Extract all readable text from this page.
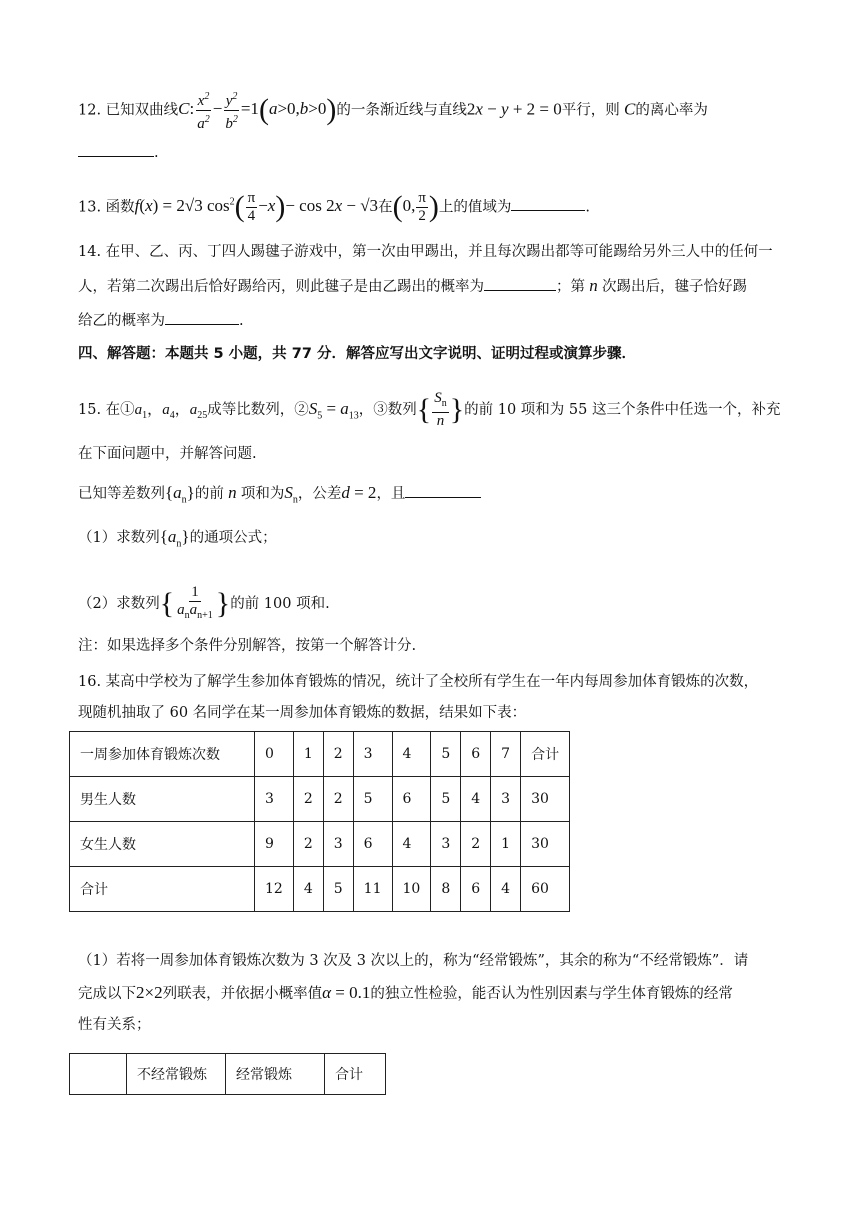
12. 已知双曲线C: $\frac{x^2}{a^2} - \frac{y^2}{b^2} =1(a>0,b>0)$的一条渐近线与直线2x − y + 2 = 0平行，则 C的离心率为
.
13. 函数f(x) = 2√3 $\cos^2( \frac{\pi}{4} -x)- \cos 2x - √3$在(0, $\frac{\pi}{2}$ )上的值域为	.
14. 在甲、乙、丙、丁四人踢毽子游戏中，第一次由甲踢出，并且每次踢出都等可能踢给另外三人中的任何一
人，若第二次踢出后恰好踢给丙，则此毽子是由乙踢出的概率为	；第 n 次踢出后，毽子恰好踢
给乙的概率为	.
四、解答题：本题共 5 小题，共 77 分．解答应写出文字说明、证明过程或演算步骤．
15. 在$①a_1$，$a_4$，$a_{25}$成等比数列，$②S_5 = a_{13}$，③数列{ $\frac{S_n}{n}$ }的前 10 项和为 55 这三个条件中任选一个，补充
在下面问题中，并解答问题.
已知等差数列$\{a_n\}$的前 n 项和为$S_n$，公差d = 2，且
（1）求数列$\{a_n\}$的通项公式；
（2）求数列{ $\frac{1}{a_na_{n+1}}$ }的前 100 项和.
注：如果选择多个条件分别解答，按第一个解答计分.
16. 某高中学校为了解学生参加体育锻炼的情况，统计了全校所有学生在一年内每周参加体育锻炼的次数，
现随机抽取了 60 名同学在某一周参加体育锻炼的数据，结果如下表：
一周参加体育锻炼次数	0	1	2	3	4	5	6	7	合计
男生人数	3	2	2	5	6	5	4	3	30
女生人数	9	2	3	6	4	3	2	1	30
合计	12	4	5	11	10	8	6	4	60
（1）若将一周参加体育锻炼次数为 3 次及 3 次以上的，称为“经常锻炼”，其余的称为“不经常锻炼”．请
完成以下2×2列联表，并依据小概率值α = 0.1的独立性检验，能否认为性别因素与学生体育锻炼的经常
性有关系；
	不经常锻炼	经常锻炼	合计
